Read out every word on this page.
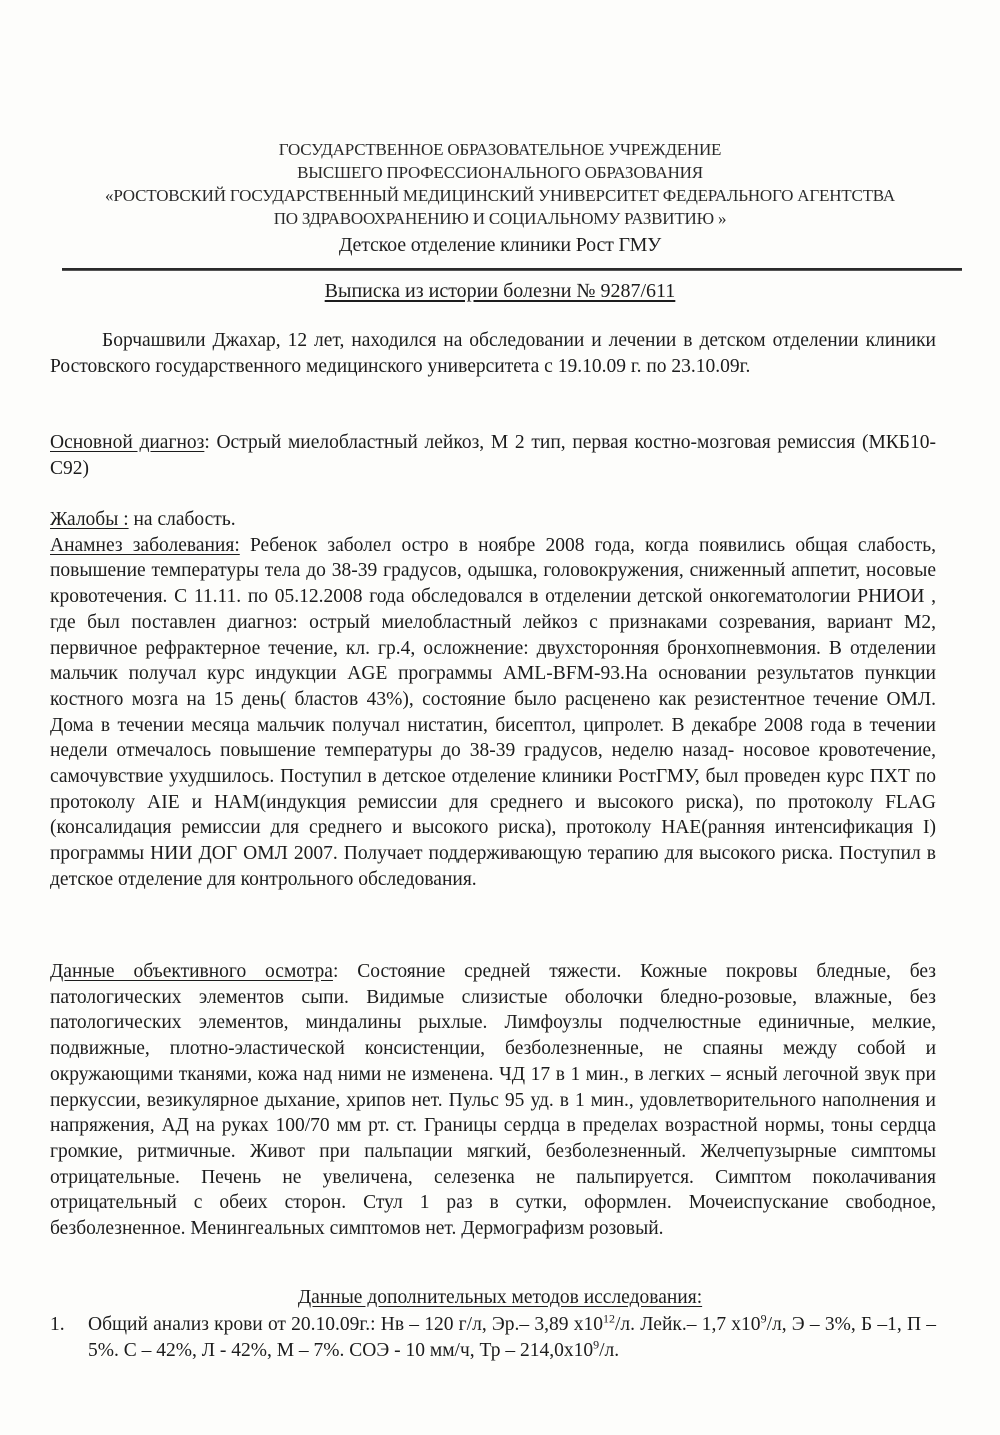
ГОСУДАРСТВЕННОЕ ОБРАЗОВАТЕЛЬНОЕ УЧРЕЖДЕНИЕ
ВЫСШЕГО ПРОФЕССИОНАЛЬНОГО ОБРАЗОВАНИЯ
«РОСТОВСКИЙ ГОСУДАРСТВЕННЫЙ МЕДИЦИНСКИЙ УНИВЕРСИТЕТ ФЕДЕРАЛЬНОГО АГЕНТСТВА
ПО ЗДРАВООХРАНЕНИЮ И СОЦИАЛЬНОМУ РАЗВИТИЮ »
Детское отделение клиники Рост ГМУ
Выписка из истории болезни № 9287/611

Борчашвили Джахар, 12 лет, находился на обследовании и лечении в детском отделении клиники Ростовского государственного медицинского университета с 19.10.09 г. по 23.10.09г.

Основной диагноз: Острый миелобластный лейкоз, М 2 тип, первая костно-мозговая ремиссия (МКБ10-С92)

Жалобы : на слабость.

Анамнез заболевания: Ребенок заболел остро в ноябре 2008 года, когда появились общая слабость, повышение температуры тела до 38-39 градусов, одышка, головокружения, сниженный аппетит, носовые кровотечения. С 11.11. по 05.12.2008 года обследовался в отделении детской онкогематологии РНИОИ , где был поставлен диагноз: острый миелобластный лейкоз с признаками созревания, вариант М2, первичное рефрактерное течение, кл. гр.4, осложнение: двухсторонняя бронхопневмония. В отделении мальчик получал курс индукции AGE программы AML-BFM-93.На основании результатов пункции костного мозга на 15 день( бластов 43%), состояние было расценено как резистентное течение ОМЛ. Дома в течении месяца мальчик получал нистатин, бисептол, ципролет. В декабре 2008 года в течении недели отмечалось повышение температуры до 38-39 градусов, неделю назад- носовое кровотечение, самочувствие ухудшилось. Поступил в детское отделение клиники РостГМУ, был проведен курс ПХТ по протоколу AIE и HAM(индукция ремиссии для среднего и высокого риска), по протоколу FLAG (консалидация ремиссии для среднего и высокого риска), протоколу HAE(ранняя интенсификация I) программы НИИ ДОГ ОМЛ 2007. Получает поддерживающую терапию для высокого риска. Поступил в детское отделение для контрольного обследования.

Данные объективного осмотра: Состояние средней тяжести. Кожные покровы бледные, без патологических элементов сыпи. Видимые слизистые оболочки бледно-розовые, влажные, без патологических элементов, миндалины рыхлые. Лимфоузлы подчелюстные единичные, мелкие, подвижные, плотно-эластической консистенции, безболезненные, не спаяны между собой и окружающими тканями, кожа над ними не изменена. ЧД 17 в 1 мин., в легких – ясный легочной звук при перкуссии, везикулярное дыхание, хрипов нет. Пульс 95 уд. в 1 мин., удовлетворительного наполнения и напряжения, АД на руках 100/70 мм рт. ст. Границы сердца в пределах возрастной нормы, тоны сердца громкие, ритмичные. Живот при пальпации мягкий, безболезненный. Желчепузырные симптомы отрицательные. Печень не увеличена, селезенка не пальпируется. Симптом поколачивания отрицательный с обеих сторон. Стул 1 раз в сутки, оформлен. Мочеиспускание свободное, безболезненное. Менингеальных симптомов нет. Дермографизм розовый.

Данные дополнительных методов исследования:
1.	Общий анализ крови от 20.10.09г.: Нв – 120 г/л, Эр.– 3,89 $х10^{12}/л$. Лейк.– 1,7 $х10^9/л$, Э – 3%, Б –1, П – 5%. С – 42%, Л - 42%, М – 7%. СОЭ - 10 мм/ч, Тр – $214,0х10^9/л$.
